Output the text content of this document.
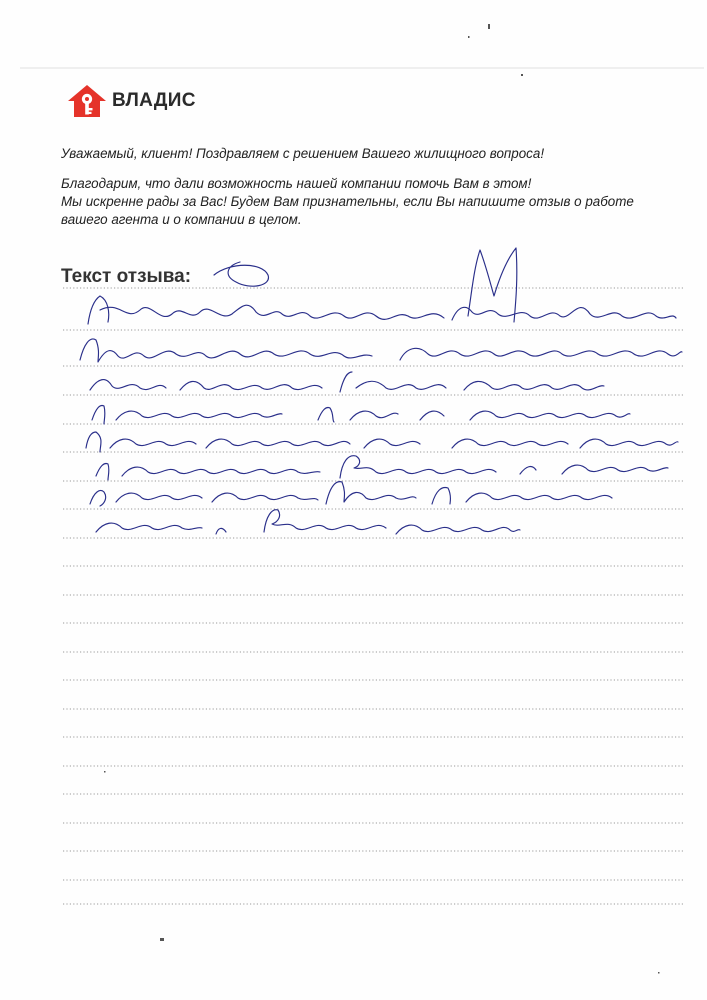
ВЛАДИС
Уважаемый, клиент! Поздравляем с решением Вашего жилищного вопроса!
Благодарим, что дали возможность нашей компании помочь Вам в этом!
Мы искренне рады за Вас! Будем Вам признательны, если Вы напишите отзыв о работе
вашего агента и о компании в целом.
Текст отзыва:
Большая благодарность Марине Викторовне.
Мне посоветовали друзья, которым Марина Викто
ровна уже помогла купить квартиру.
Я обратилась к ней и не пожалела.
Помогла одобрить ипотеку, нашли квартиру.
Я очень довольна. Переехали с семьей
в свою квартиру. Много лет снимали
жилье. Спасибо огромное.
